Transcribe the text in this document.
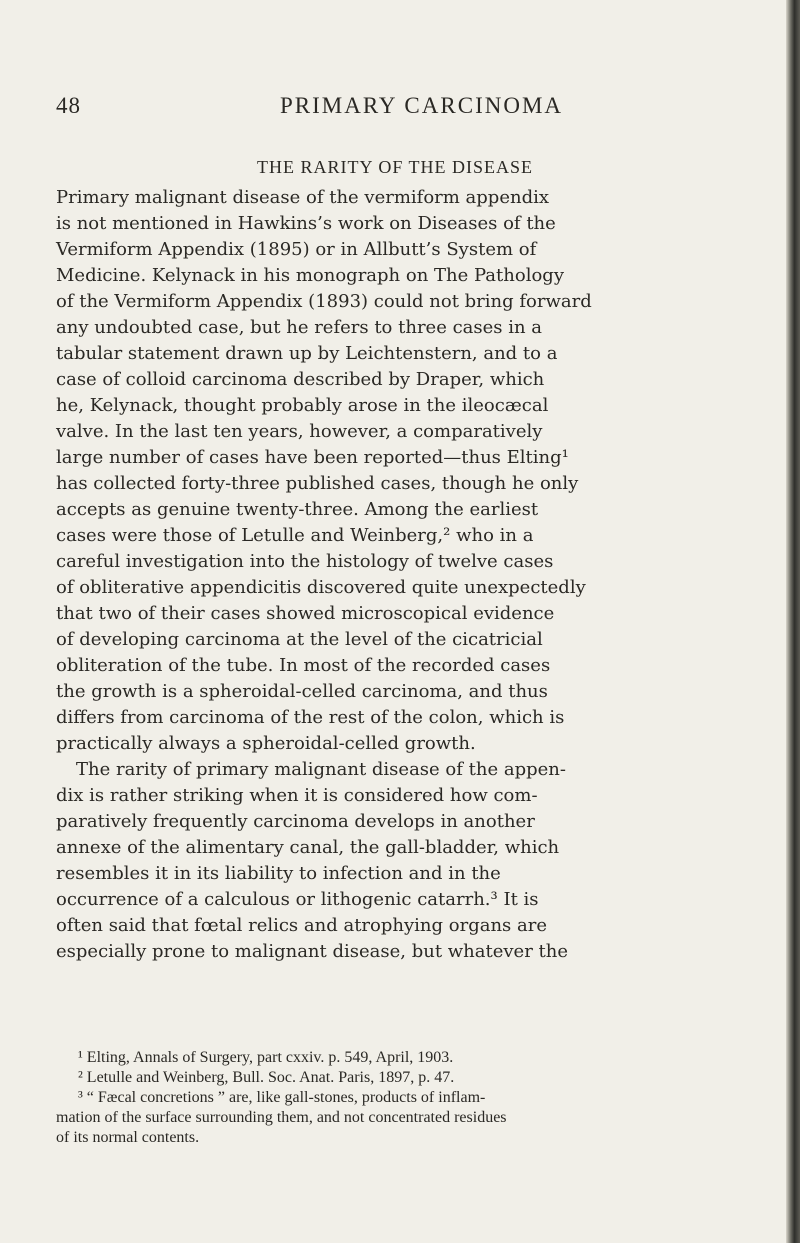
48	PRIMARY CARCINOMA
THE RARITY OF THE DISEASE
Primary malignant disease of the vermiform appendix
is not mentioned in Hawkins’s work on Diseases of the
Vermiform Appendix (1895) or in Allbutt’s System of
Medicine. Kelynack in his monograph on The Pathology
of the Vermiform Appendix (1893) could not bring forward
any undoubted case, but he refers to three cases in a
tabular statement drawn up by Leichtenstern, and to a
case of colloid carcinoma described by Draper, which
he, Kelynack, thought probably arose in the ileocæcal
valve. In the last ten years, however, a comparatively
large number of cases have been reported—thus Elting¹
has collected forty-three published cases, though he only
accepts as genuine twenty-three. Among the earliest
cases were those of Letulle and Weinberg,² who in a
careful investigation into the histology of twelve cases
of obliterative appendicitis discovered quite unexpectedly
that two of their cases showed microscopical evidence
of developing carcinoma at the level of the cicatricial
obliteration of the tube. In most of the recorded cases
the growth is a spheroidal-celled carcinoma, and thus
differs from carcinoma of the rest of the colon, which is
practically always a spheroidal-celled growth.
The rarity of primary malignant disease of the appen-
dix is rather striking when it is considered how com-
paratively frequently carcinoma develops in another
annexe of the alimentary canal, the gall-bladder, which
resembles it in its liability to infection and in the
occurrence of a calculous or lithogenic catarrh.³ It is
often said that fœtal relics and atrophying organs are
especially prone to malignant disease, but whatever the
¹ Elting, Annals of Surgery, part cxxiv. p. 549, April, 1903.
² Letulle and Weinberg, Bull. Soc. Anat. Paris, 1897, p. 47.
³ “ Fæcal concretions ” are, like gall-stones, products of inflam-
mation of the surface surrounding them, and not concentrated residues
of its normal contents.
